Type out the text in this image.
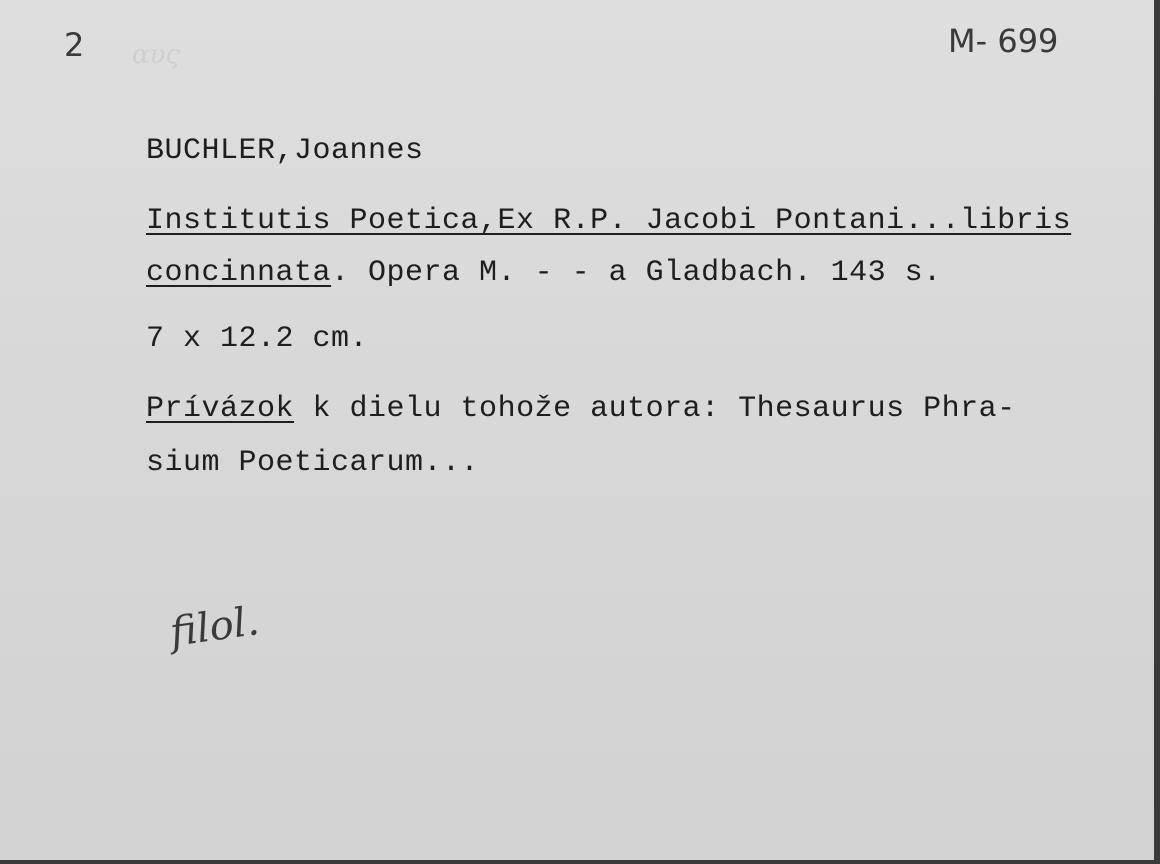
αυς
2	M- 699
BUCHLER,Joannes
Institutis Poetica,Ex R.P. Jacobi Pontani...libris
concinnata. Opera M. - - a Gladbach. 143 s.
7 x 12.2 cm.
Prívázok k dielu tohože autora: Thesaurus Phra-
sium Poeticarum...
filol.
